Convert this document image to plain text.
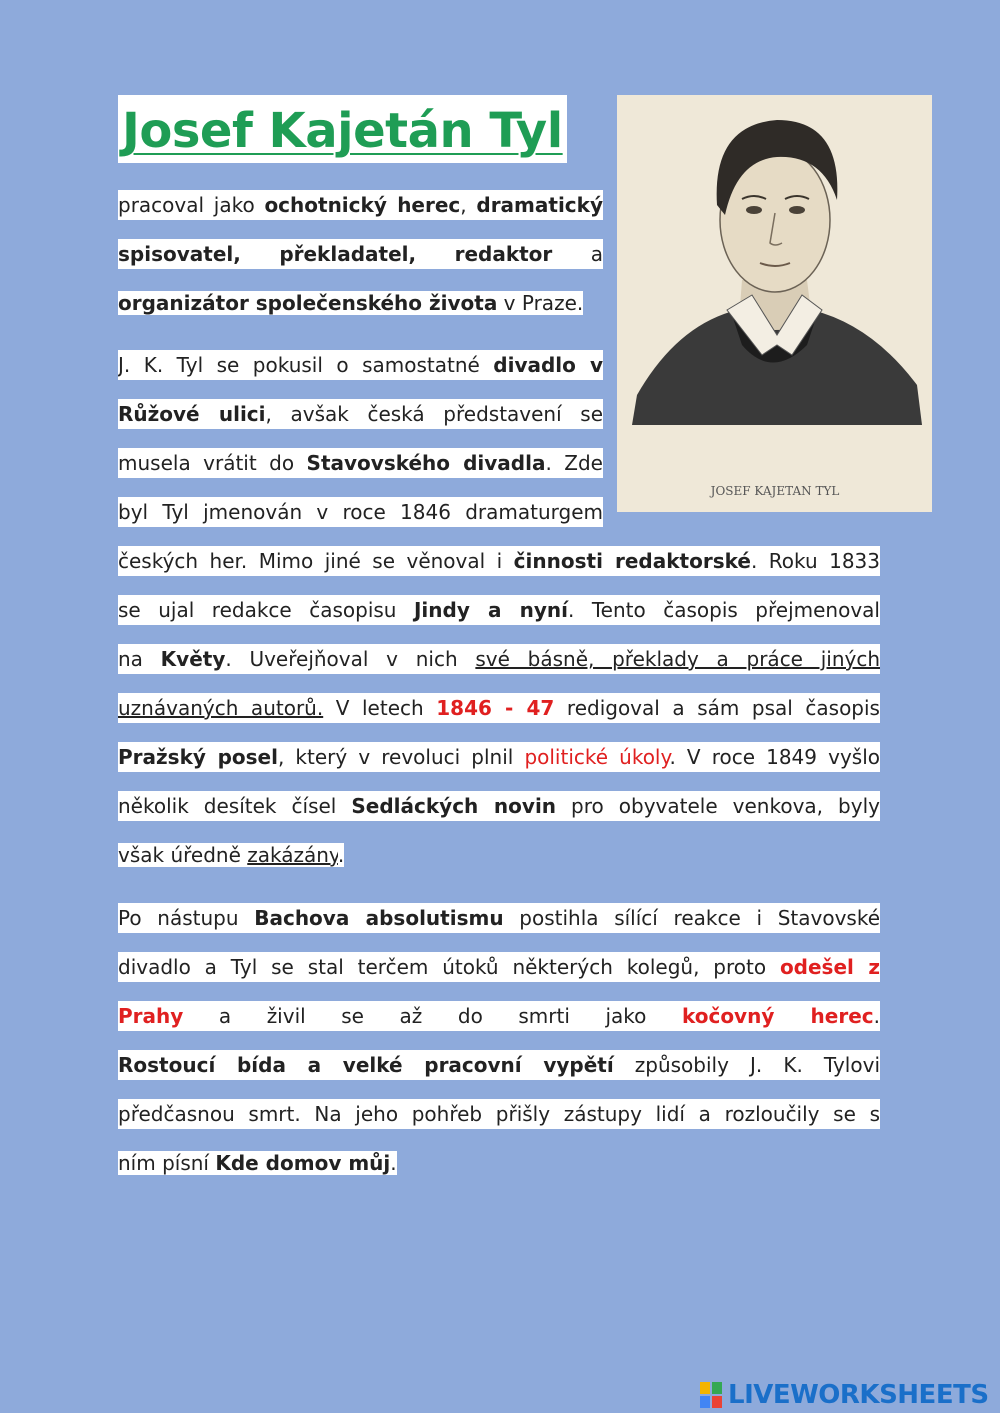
Josef Kajetán Tyl
JOSEF KAJETAN TYL
pracoval jako ochotnický herec, dramatický
spisovatel, překladatel, redaktor a
organizátor společenského života v Praze.
J. K. Tyl se pokusil o samostatné divadlo v
Růžové ulici, avšak česká představení se
musela vrátit do Stavovského divadla. Zde
byl Tyl jmenován v roce 1846 dramaturgem
českých her. Mimo jiné se věnoval i činnosti redaktorské. Roku 1833
se ujal redakce časopisu Jindy a nyní. Tento časopis přejmenoval
na Květy. Uveřejňoval v nich své básně, překlady a práce jiných
uznávaných autorů. V letech 1846 - 47 redigoval a sám psal časopis
Pražský posel, který v revoluci plnil politické úkoly. V roce 1849 vyšlo
několik desítek čísel Sedláckých novin pro obyvatele venkova, byly
však úředně zakázány.
Po nástupu Bachova absolutismu postihla sílící reakce i Stavovské
divadlo a Tyl se stal terčem útoků některých kolegů, proto odešel z
Prahy a živil se až do smrti jako kočovný herec.
Rostoucí bída a velké pracovní vypětí způsobily J. K. Tylovi
předčasnou smrt. Na jeho pohřeb přišly zástupy lidí a rozloučily se s
ním písní Kde domov můj.
LIVEWORKSHEETS
